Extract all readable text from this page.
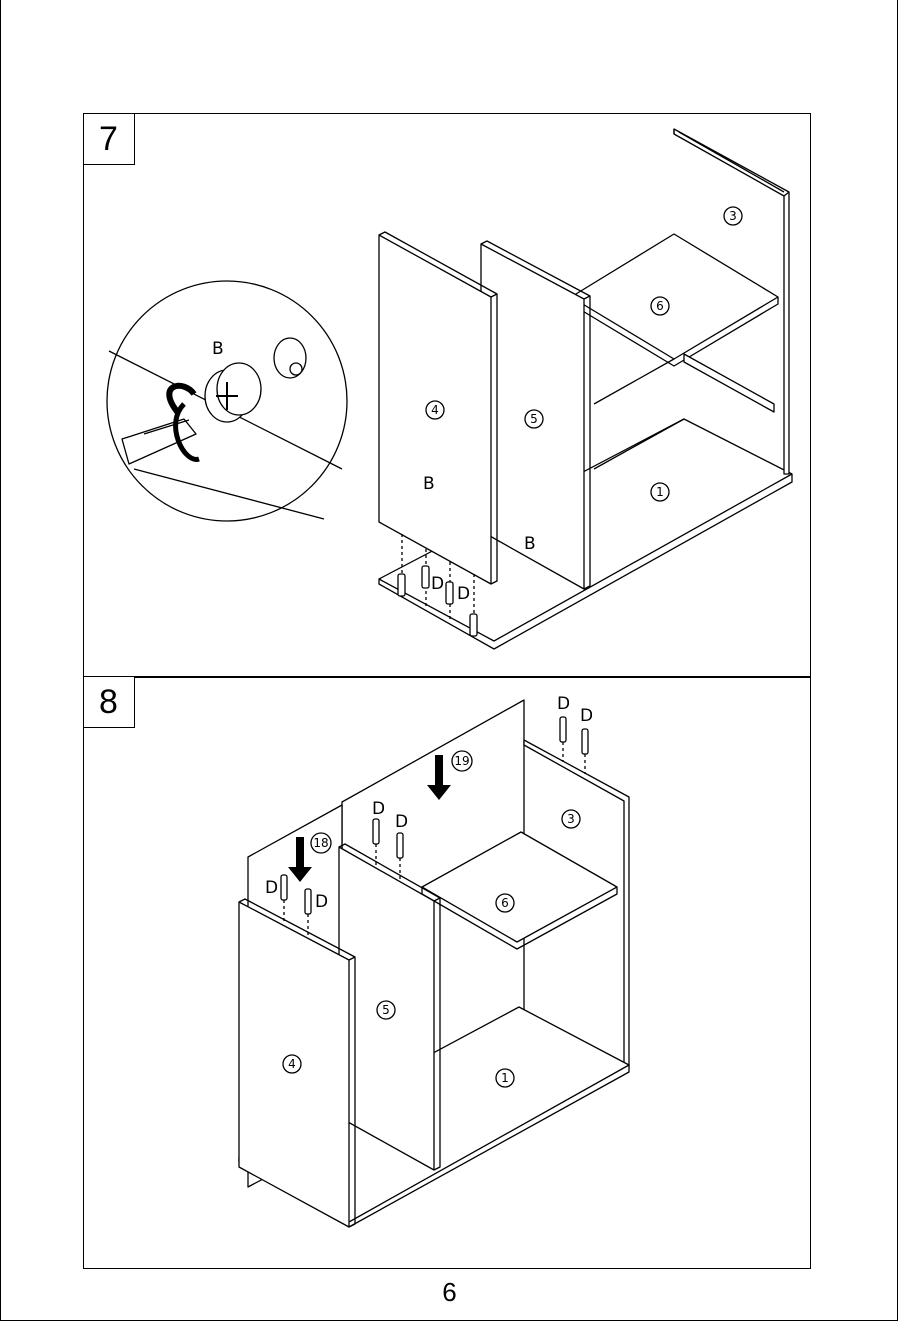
7
B
4
5
1
6
3
B
B
D D
8
4
5
1
6
3
18
19
D
D
D
D
D
D
6
